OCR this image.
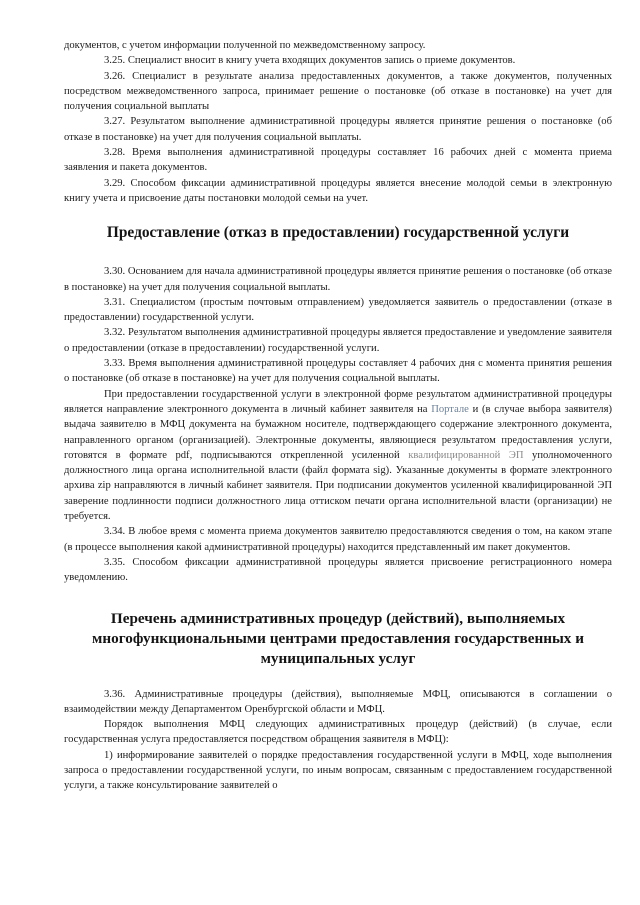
документов, с учетом информации полученной по межведомственному запросу.

3.25. Специалист вносит в книгу учета входящих документов запись о приеме документов.

3.26. Специалист в результате анализа предоставленных документов, а также документов, полученных посредством межведомственного запроса, принимает решение о постановке (об отказе в постановке) на учет для получения социальной выплаты

3.27. Результатом выполнение административной процедуры является принятие решения о постановке (об отказе в постановке) на учет для получения социальной выплаты.

3.28. Время выполнения административной процедуры составляет 16 рабочих дней с момента приема заявления и пакета документов.

3.29. Способом фиксации административной процедуры является внесение молодой семьи в электронную книгу учета и присвоение даты постановки молодой семьи на учет.

Предоставление (отказ в предоставлении) государственной услуги

3.30. Основанием для начала административной процедуры является принятие решения о постановке (об отказе в постановке) на учет для получения социальной выплаты.

3.31. Специалистом (простым почтовым отправлением) уведомляется заявитель о предоставлении (отказе в предоставлении) государственной услуги.

3.32. Результатом выполнения административной процедуры является предоставление и уведомление заявителя о предоставлении (отказе в предоставлении) государственной услуги.

3.33. Время выполнения административной процедуры составляет 4 рабочих дня с момента принятия решения о постановке (об отказе в постановке) на учет для получения социальной выплаты.

При предоставлении государственной услуги в электронной форме результатом административной процедуры является направление электронного документа в личный кабинет заявителя на Портале и (в случае выбора заявителя) выдача заявителю в МФЦ документа на бумажном носителе, подтверждающего содержание электронного документа, направленного органом (организацией). Электронные документы, являющиеся результатом предоставления услуги, готовятся в формате pdf, подписываются открепленной усиленной квалифицированной ЭП уполномоченного должностного лица органа исполнительной власти (файл формата sig). Указанные документы в формате электронного архива zip направляются в личный кабинет заявителя. При подписании документов усиленной квалифицированной ЭП заверение подлинности подписи должностного лица оттиском печати органа исполнительной власти (организации) не требуется.

3.34. В любое время с момента приема документов заявителю предоставляются сведения о том, на каком этапе (в процессе выполнения какой административной процедуры) находится представленный им пакет документов.

3.35. Способом фиксации административной процедуры является присвоение регистрационного номера уведомлению.

Перечень административных процедур (действий), выполняемых многофункциональными центрами предоставления государственных и муниципальных услуг

3.36. Административные процедуры (действия), выполняемые МФЦ, описываются в соглашении о взаимодействии между Департаментом Оренбургской области и МФЦ.

Порядок выполнения МФЦ следующих административных процедур (действий) (в случае, если государственная услуга предоставляется посредством обращения заявителя в МФЦ):

1) информирование заявителей о порядке предоставления государственной услуги в МФЦ, ходе выполнения запроса о предоставлении государственной услуги, по иным вопросам, связанным с предоставлением государственной услуги, а также консультирование заявителей о
